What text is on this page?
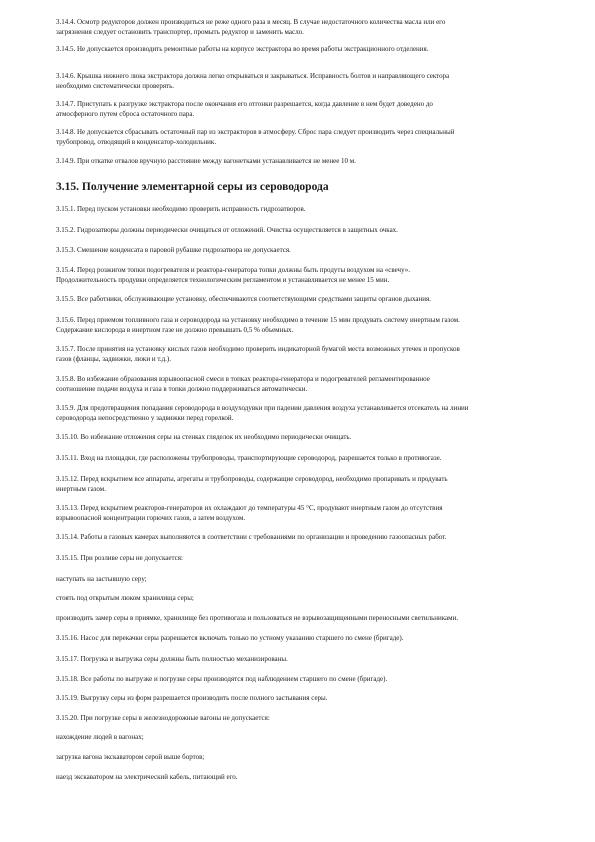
3.14.4. Осмотр редукторов должен производиться не реже одного раза в месяц. В случае недостаточного количества масла или его
загрязнения следует остановить транспортер, промыть редуктор и заменить масло.
3.14.5. Не допускается производить ремонтные работы на корпусе экстрактора во время работы экстракционного отделения.
3.14.6. Крышка нижнего люка экстрактора должна легко открываться и закрываться. Исправность болтов и направляющего сектора
необходимо систематически проверять.
3.14.7. Приступать к разгрузке экстрактора после окончания его отгонки разрешается, когда давление в нем будет доведено до
атмосферного путем сброса остаточного пара.
3.14.8. Не допускается сбрасывать остаточный пар из экстракторов в атмосферу. Сброс пара следует производить через специальный
трубопровод, отводящий в конденсатор-холодильник.
3.14.9. При откатке отвалов вручную расстояние между вагонетками устанавливается не менее 10 м.
3.15. Получение элементарной серы из сероводорода
3.15.1. Перед пуском установки необходимо проверить исправность гидрозатворов.
3.15.2. Гидрозатворы должны периодически очищаться от отложений. Очистка осуществляется в защитных очках.
3.15.3. Смешение конденсата в паровой рубашке гидрозатвора не допускается.
3.15.4. Перед розжигом топки подогревателя и реактора-генератора топки должны быть продуты воздухом на «свечу».
Продолжительность продувки определяется технологическим регламентом и устанавливается не менее 15 мин.
3.15.5. Все работники, обслуживающие установку, обеспечиваются соответствующими средствами защиты органов дыхания.
3.15.6. Перед приемом топливного газа и сероводорода на установку необходимо в течение 15 мин продувать систему инертным газом.
Содержание кислорода в инертном газе не должно превышать 0,5 % объемных.
3.15.7. После принятия на установку кислых газов необходимо проверить индикаторной бумагой места возможных утечек и пропусков
газов (фланцы, задвижки, люки и т.д.).
3.15.8. Во избежание образования взрывоопасной смеси в топках реактора-генератора и подогревателей регламентированное
соотношение подачи воздуха и газа в топки должно поддерживаться автоматически.
3.15.9. Для предотвращения попадания сероводорода в воздуходувки при падении давления воздуха устанавливается отсекатель на линии
сероводорода непосредственно у задвижки перед горелкой.
3.15.10. Во избежание отложения серы на стенках гляделок их необходимо периодически очищать.
3.15.11. Вход на площадки, где расположены трубопроводы, транспортирующие сероводород, разрешается только в противогазе.
3.15.12. Перед вскрытием все аппараты, агрегаты и трубопроводы, содержащие сероводород, необходимо пропаривать и продувать
инертным газом.
3.15.13. Перед вскрытием реакторов-генераторов их охлаждают до температуры 45 °С, продувают инертным газом до отсутствия
взрывоопасной концентрации горючих газов, а затем воздухом.
3.15.14. Работы в газовых камерах выполняются в соответствии с требованиями по организации и проведению газоопасных работ.
3.15.15. При розливе серы не допускается:
наступать на застывшую серу;
стоять под открытым люком хранилища серы;
производить замер серы в приямке, хранилище без противогаза и пользоваться не взрывозащищенными переносными светильниками.
3.15.16. Насос для перекачки серы разрешается включать только по устному указанию старшего по смене (бригаде).
3.15.17. Погрузка и выгрузка серы должны быть полностью механизированы.
3.15.18. Все работы по выгрузке и погрузке серы производятся под наблюдением старшего по смене (бригаде).
3.15.19. Выгрузку серы из форм разрешается производить после полного застывания серы.
3.15.20. При погрузке серы в железнодорожные вагоны не допускается:
нахождение людей в вагонах;
загрузка вагона экскаватором серой выше бортов;
наезд экскаватором на электрический кабель, питающий его.
